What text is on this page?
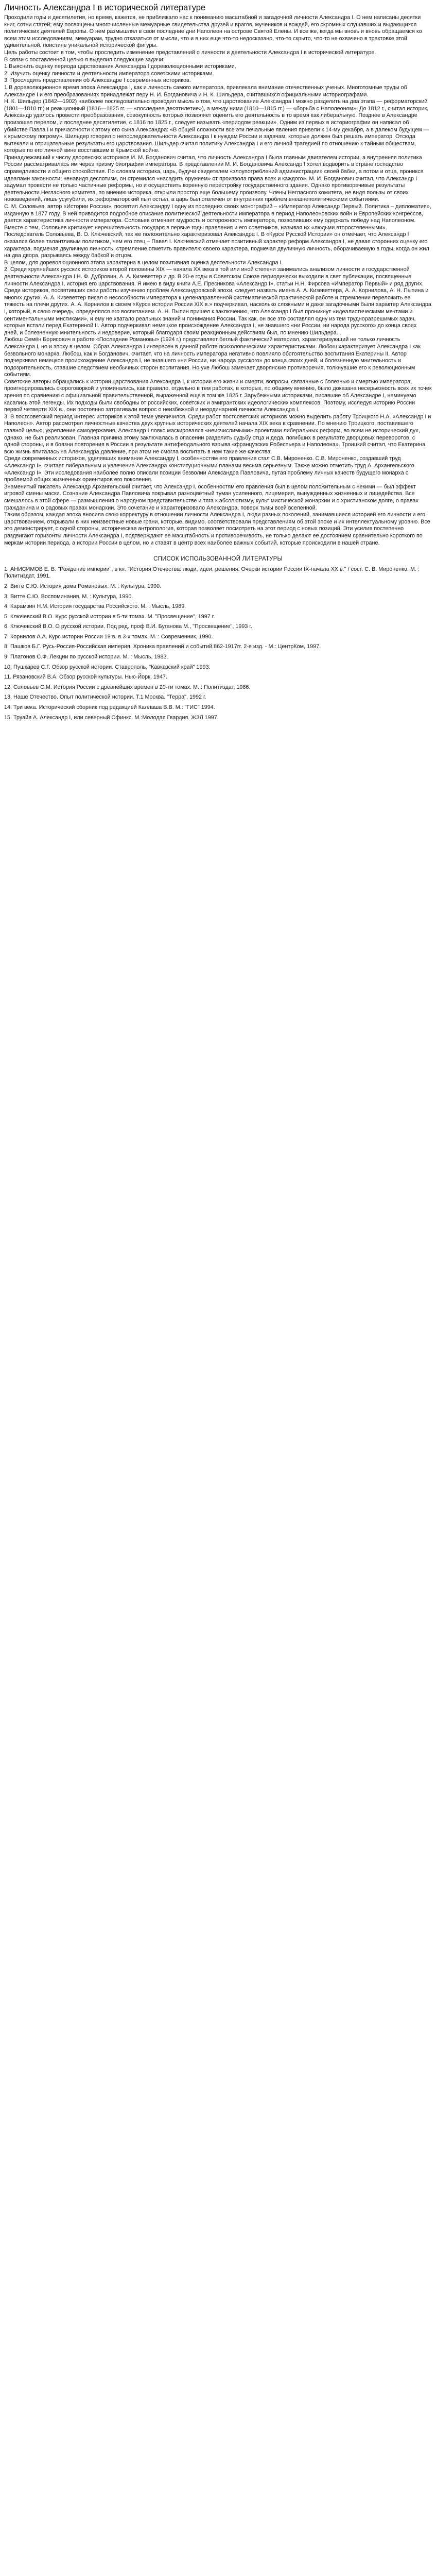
Личность Александра I в исторической литературе

Проходили годы и десятилетия, но время, кажется, не приближало нас к пониманию масштабной и загадочной личности Александра I. О нем написаны десятки книг, сотни статей; ему посвящены многочисленные мемуарные свидетельства друзей и врагов, мучеников и вождей, его скромных слушавших и выдающихся политических деятелей Европы. О нем размышлял в свои последние дни Наполеон на острове Святой Елены. И все же, когда мы вновь и вновь обращаемся ко всем этим исследованиям, мемуарам, трудно отказаться от мысли, что и в них еще что-то недосказано, что-то скрыто, что-то не охвачено в трактовке этой удивительной, поистине уникальной исторической фигуры.

Цель работы состоит в том, чтобы проследить изменение представлений о личности и деятельности Александра I в исторической литературе.

В связи с поставленной целью я выделил следующие задачи:

1.Выяснить оценку периода царствования Александра I дореволюционными историками.

2. Изучить оценку личности и деятельности императора советскими историками.

3. Проследить представления об Александре I современных историков.

1.В дореволюционное время эпоха Александра I, как и личность самого императора, привлекала внимание отечественных ученых. Многотомные труды об Александре I и его преобразованиях принадлежат перу Н. И. Богдановича и Н. К. Шильдера, считавшихся официальными историографами.

Н. К. Шильдер (1842—1902) наиболее последовательно проводил мысль о том, что царствование Александра I можно разделить на два этапа — реформаторский (1801—1810 гг.) и реакционный (1816—1825 гг. — «последнее десятилетие»), а между ними (1810—1815 гг.) — «борьба с Наполеоном». До 1812 г., считал историк, Александр удалось провести преобразования, совокупность которых позволяет оценить его деятельность в то время как либеральную. Позднее в Александре произошел перелом, и последнее десятилетие, с 1816 по 1825 г., следует называть «периодом реакции». Одним из первых в историографии он написал об убийстве Павла I и причастности к этому его сына Александра: «В общей сложности все эти печальные явления привели к 14-му декабря, а в далеком будущем — к крымскому погрому». Шильдер говорил о непоследовательности Александра I к нуждам России и задачам, которые должен был решать император. Отсюда вытекали и отрицательные результаты его царствования. Шильдер считал политику Александра I и его личной трагедией по отношению к тайным обществам, которые по его личной вине восставшим в Крымской войне.

Принадлежавший к числу дворянских историков И. М. Богданович считал, что личность Александра I была главным двигателем истории, а внутренняя политика России рассматривалась им через призму биографии императора. В представлении М. И. Богдановича Александр I хотел водворить в стране господство справедливости и общего спокойствия. По словам историка, царь, будучи свидетелем «злоупотреблений администрации» своей бабки, а потом и отца, проникся идеалами законности; ненавидя деспотизм, он стремился «насадить оружием» от произвола права всех и каждого». М. И. Богданович считал, что Александр I задумал провести не только частичные реформы, но и осуществить коренную перестройку государственного здания. Однако противоречивые результаты деятельности Негласного комитета, по мнению историка, открыли простор еще большему произволу. Члены Негласного комитета, не видя пользы от своих нововведений, лишь усугубили, их реформаторский пыл остыл, а царь был отвлечен от внутренних проблем внешнеполитическими событиями.

С. М. Соловьев, автор «Истории России», посвятил Александру I одну из последних своих монографий – «Император Александр Первый. Политика – дипломатия», изданную в 1877 году. В ней приводится подробное описание политической деятельности императора в период Наполеоновских войн и Европейских конгрессов, дается характеристика личности императора. Соловьев отмечает мудрость и осторожность императора, позволивших ему одержать победу над Наполеоном. Вместе с тем, Соловьев критикует нерешительность государя в первые годы правления и его советников, называя их «людьми второстепенными».

Последователь Соловьева, В. О. Ключевский, так же положительно характеризовал Александра I. В «Курсе Русской Истории» он отмечает, что Александр I оказался более талантливым политиком, чем его отец – Павел I. Ключевский отмечает позитивный характер реформ Александра I, не давая сторонних оценку его характера, подмечая двуличную личность, стремление отметить правителю своего характера, подмечая двуличную личность, оборачиваемую в годы, когда он жил на два двора, разрываясь между бабкой и отцом.

В целом, для дореволюционного этапа характерна в целом позитивная оценка деятельности Александра I.

2. Среди крупнейших русских историков второй половины XIX — начала XX века в той или иной степени занимались анализом личности и государственной деятельности Александра I Н. Ф. Дубровин, А. А. Кизеветтер и др. В 20-е годы в Советском Союзе периодически выходили в свет публикации, посвященные личности Александра I, история его царствования. Я имею в виду книги А.Е. Пресникова «Александр I», статьи Н.Н. Фирсова «Император Первый» и ряд других.

Среди историков, посвятивших свои работы изучению проблем Александровской эпохи, следует назвать имена А. А. Кизеветтера, А. А. Корнилова, А. Н. Пыпина и многих других. А. А. Кизеветтер писал о несособности императора к целенаправленной систематической практической работе и стремлении переложить ее тяжесть на плечи других. А. А. Корнилов в своем «Курсе истории России XIX в.» подчеркивал, насколько сложными и даже загадочными были характер Александра I, который, в свою очередь, определялся его воспитанием. А. Н. Пыпин пришел к заключению, что Александр I был проникнут «идеалистическими мечтами и сентиментальными мистиками», и ему не хватало реальных знаний и понимания России. Так как, он все это составлял одну из тем трудноразрешимых задач, которые встали перед Екатериной II. Автор подчеркивал немецкое происхождение Александра I, не знавшего «ни России, ни народа русского» до конца своих дней, и болезненную мнительность и недоверие, который благодаря своим реакционным действиям был, по мнению Шильдера...

Любош Семён Борисович в работе «Последние Романовы» (1924 г.) представляет беглый фактический материал, характеризующий не только личность Александра I, но и эпоху в целом. Образ Александра I интересен в данной работе психологическими характеристиками. Любош характеризует Александра I как безвольного монарха. Любош, как и Богданович, считает, что на личность императора негативно повлияло обстоятельство воспитания Екатерины II. Автор подчеркивал немецкое происхождение Александра I, не знавшего «ни России, ни народа русского» до конца своих дней, и болезненную мнительность и подозрительность, ставшие следствием необычных сторон воспитания. Но ухе Любош замечает дворянские противоречия, толкнувшие его к революционным событиям.

Советские авторы обращались к истории царствования Александра I, к истории его жизни и смерти, вопросы, связанные с болезнью и смертью императора, проигнорировались скороговоркой и упоминались, как правило, отдельно в тем работах, в которых, по общему мнению, было доказана несерьезность всех их точек зрения по сравнению с официальной правительственной, выраженной еще в том же 1825 г. Зарубежными историками, писавшие об Александре I, неминуемо касались этой легенды. Их подходы были свободны от российских, советских и эмигрантских идеологических комплексов. Поэтому, исследуя историю России первой четверти XIX в., они постоянно затрагивали вопрос о неизбежной и неординарной личности Александра I.

3. В постсоветский период интерес историков к этой теме увеличился. Среди работ постсоветских историков можно выделить работу Троицкого Н.А. «Александр I и Наполеон». Автор рассмотрел личностные качества двух крупных исторических деятелей начала XIX века в сравнении. По мнению Троицкого, поставившего главной целью, укрепление самодержавия, Александр I ловко маскировался «неисчислимыми» проектами либеральных реформ, во всем не исторический дух, однако, не был реализован. Главная причина этому заключалась в опасении разделить судьбу отца и деда, погибших в результате дворцовых переворотов, с одной стороны, и в боязни повторения в России в результате антифеодального взрыва «французских Робеспьера и Наполеона». Троицкий считал, что Екатерина всю жизнь впиталась на Александра давление, при этом не смогла воспитать в нем такие же качества.

Среди современных историков, уделявших внимание Александру I, особенностям его правления стал С.В. Мироненко. С.В. Мироненко, создавший труд «Александр I», считает либеральным и увлечение Александра конституционными планами весьма серьезным. Также можно отметить труд А. Архангельского «Александр I». Эти исследования наиболее полно описали позиции безволии Александра Павловича, путая проблему личных качеств будущего монарха с проблемой общих жизненных ориентиров его поколения.

Знаменитый писатель Александр Архангельский считает, что Александр I, особенностям его правления был в целом положительным с некими — был эффект игровой смены маски. Сознание Александра Павловича покрывал разноцветный туман усиленного, лицемерия, вынужденных жизненных и лицедейства. Все смешалось в этой сфере — размышления о народном представительстве и тяга к абсолютизму, культ мистической монархии и о христианском долге, о правах гражданина и о радовых правах монархии. Это сочетание и характеризовало Александра, поверх тьмы всей вселенной.

Таким образом, каждая эпоха вносила свою корректуру в отношении личности Александра I, люди разных поколений, занимавшиеся историей его личности и его царствованием, открывали в них неизвестные новые грани, которые, видимо, соответствовали представлениям об этой эпохе и их интеллектуальному уровню. Все это демонстрирует, с одной стороны, историческая антропология, которая позволяет посмотреть на этот период с новых позиций. Эти усилия постепенно раздвигают горизонты личности Александра I, подтверждают ее масштабность и противоречивость, не только делают ее достоянием сравнительно короткого по меркам истории периода, а истории России в целом, но и ставят в центр всех наиболее важных событий, которые происходили в нашей стране.

СПИСОК ИСПОЛЬЗОВАННОЙ ЛИТЕРАТУРЫ
1. АНИСИМОВ Е. В. "Рождение империи", в кн. "История Отечества: люди, идеи, решения. Очерки истории России IX-начала XX в." / сост. С. В. Мироненко. М. : Политиздат, 1991.
2. Вигге С.Ю. История дома Романовых. М. : Культура, 1990.
3. Витте С.Ю. Воспоминания. М. : Культура, 1990.
4. Карамзин Н.М. История государства Российского. М. : Мысль, 1989.
5. Ключевский В.О. Курс русской истории в 5-ти томах. М. "Просвещение", 1997 г.
6. Ключевский В.О. О русской истории. Под ред. проф В.И. Буганова М., "Просвещение", 1993 г.
7. Корнилов А.А. Курс истории России 19 в. в 3-х томах. М. : Современник, 1990.
8. Пашков Б.Г. Русь-Россия-Российская империя. Хроника правлений и событий.862-1917гг. 2-е изд. - М.: ЦентрКом, 1997.
9. Платонов С.Ф. Лекции по русской истории. М. : Мысль, 1983.
10. Пушкарев С.Г. Обзор русской истории. Ставрополь, "Кавказский край" 1993.
11. Рязановский В.А. Обзор русской культуры. Нью-Йорк, 1947.
12. Соловьев С.М. История России с древнейших времен в 20-ти томах. М. : Политиздат, 1986.
13. Наше Отечество. Опыт политической истории. Т.1 Москва. "Терра", 1992 г.
14. Три века. Исторический сборник под редакцией Каллаша В.В. М.: "ГИС" 1994.
15. Труайя А. Александр I, или северный Сфинкс. М.:Молодая Гвардия. ЖЗЛ 1997.
